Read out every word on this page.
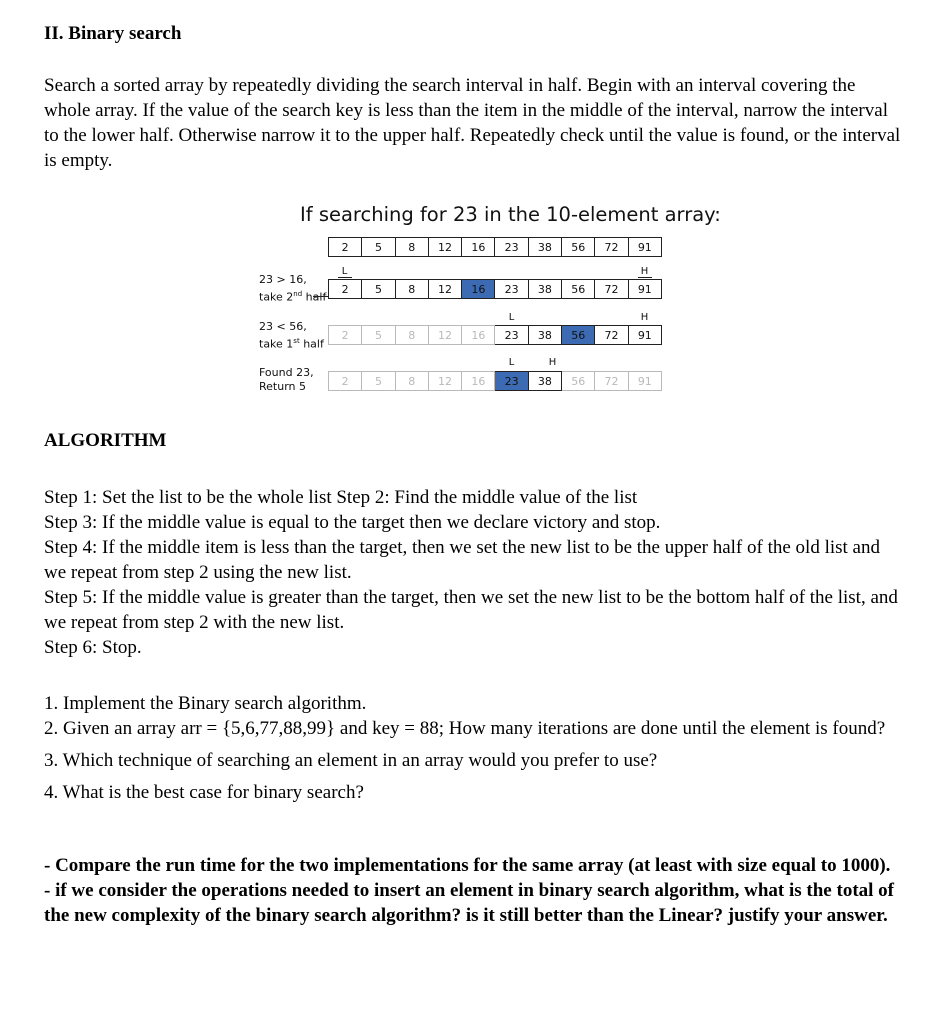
II. Binary search

Search a sorted array by repeatedly dividing the search interval in half. Begin with an interval covering the whole array. If the value of the search key is less than the item in the middle of the interval, narrow the interval to the lower half. Otherwise narrow it to the upper half. Repeatedly check until the value is found, or the interval is empty.

If searching for 23 in the 10-element array:
2	5	8	12	16	23	38	56	72	91
23 > 16,
take 2nd half
L	H
2	5	8	12	16	23	38	56	72	91
23 < 56,
take 1st half
L	H
2	5	8	12	16	23	38	56	72	91
Found 23,
Return 5
L	H
2	5	8	12	16	23	38	56	72	91
ALGORITHM

Step 1: Set the list to be the whole list Step 2: Find the middle value of the list

Step 3: If the middle value is equal to the target then we declare victory and stop.

Step 4: If the middle item is less than the target, then we set the new list to be the upper half of the old list and we repeat from step 2 using the new list.

Step 5: If the middle value is greater than the target, then we set the new list to be the bottom half of the list, and we repeat from step 2 with the new list.

Step 6: Stop.

1. Implement the Binary search algorithm.

2. Given an array arr = {5,6,77,88,99} and key = 88; How many iterations are done until the element is found?

3. Which technique of searching an element in an array would you prefer to use?

4. What is the best case for binary search?

- Compare the run time for the two implementations for the same array (at least with size equal to 1000).

- if we consider the operations needed to insert an element in binary search algorithm, what is the total of the new complexity of the binary search algorithm? is it still better than the Linear? justify your answer.
